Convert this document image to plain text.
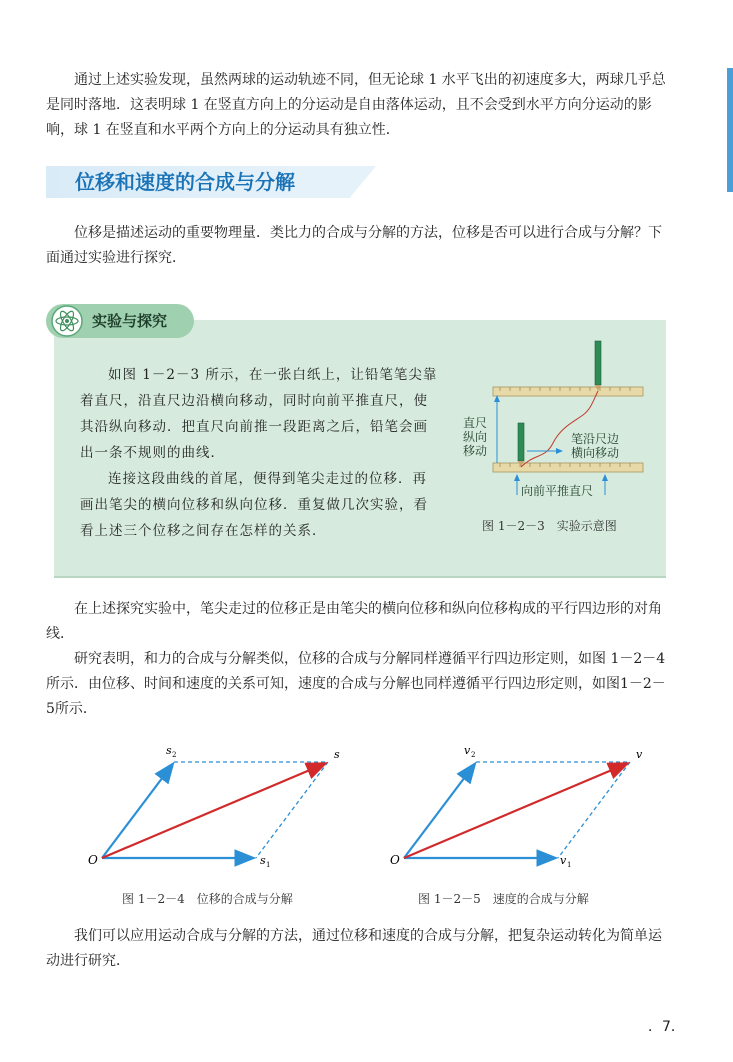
通过上述实验发现，虽然两球的运动轨迹不同，但无论球 1 水平飞出的初速度多大，两球几乎总是同时落地．这表明球 1 在竖直方向上的分运动是自由落体运动，且不会受到水平方向分运动的影响，球 1 在竖直和水平两个方向上的分运动具有独立性．

位移和速度的合成与分解

位移是描述运动的重要物理量．类比力的合成与分解的方法，位移是否可以进行合成与分解？下面通过实验进行探究．

实验与探究

如图 1－2－3 所示，在一张白纸上，让铅笔笔尖靠着直尺，沿直尺边沿横向移动，同时向前平推直尺，使其沿纵向移动．把直尺向前推一段距离之后，铅笔会画出一条不规则的曲线．

连接这段曲线的首尾，便得到笔尖走过的位移．再画出笔尖的横向位移和纵向位移．重复做几次实验，看看上述三个位移之间存在怎样的关系．

直尺
纵向
移动
笔沿尺边
横向移动
向前平推直尺
图 1－2－3　实验示意图

在上述探究实验中，笔尖走过的位移正是由笔尖的横向位移和纵向位移构成的平行四边形的对角线．

研究表明，和力的合成与分解类似，位移的合成与分解同样遵循平行四边形定则，如图 1－2－4 所示．由位移、时间和速度的关系可知，速度的合成与分解也同样遵循平行四边形定则，如图1－2－5所示．

O	s 1
s 2	s
图 1－2－4　位移的合成与分解
O	v 1
v 2	v
图 1－2－5　速度的合成与分解

我们可以应用运动合成与分解的方法，通过位移和速度的合成与分解，把复杂运动转化为简单运动进行研究．

．7．
